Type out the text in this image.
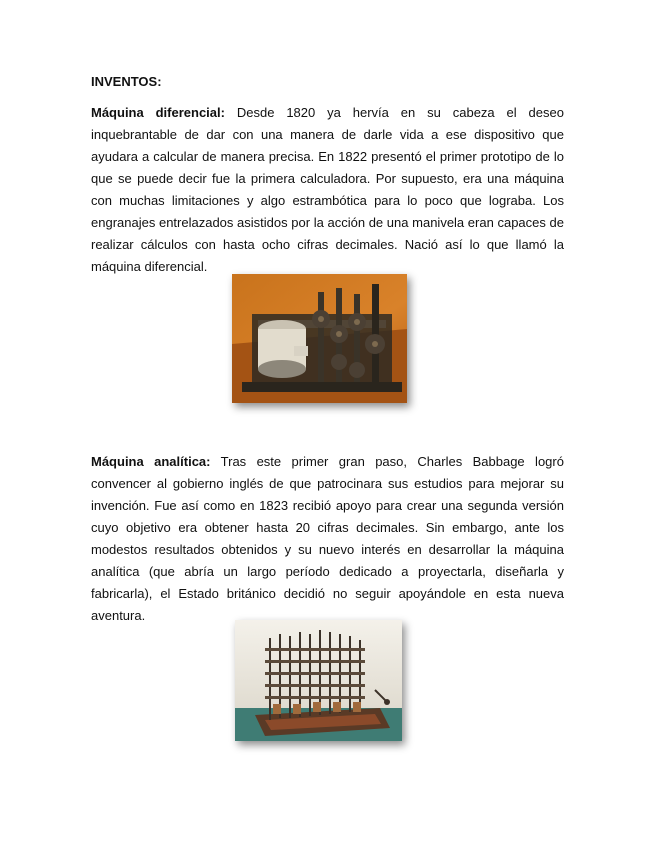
INVENTOS:

Máquina diferencial: Desde 1820 ya hervía en su cabeza el deseo inquebrantable de dar con una manera de darle vida a ese dispositivo que ayudara a calcular de manera precisa. En 1822 presentó el primer prototipo de lo que se puede decir fue la primera calculadora. Por supuesto, era una máquina con muchas limitaciones y algo estrambótica para lo poco que lograba. Los engranajes entrelazados asistidos por la acción de una manivela eran capaces de realizar cálculos con hasta ocho cifras decimales. Nació así lo que llamó la máquina diferencial.

Máquina analítica: Tras este primer gran paso, Charles Babbage logró convencer al gobierno inglés de que patrocinara sus estudios para mejorar su invención. Fue así como en 1823 recibió apoyo para crear una segunda versión cuyo objetivo era obtener hasta 20 cifras decimales. Sin embargo, ante los modestos resultados obtenidos y su nuevo interés en desarrollar la máquina analítica (que abría un largo período dedicado a proyectarla, diseñarla y fabricarla), el Estado británico decidió no seguir apoyándole en esta nueva aventura.
